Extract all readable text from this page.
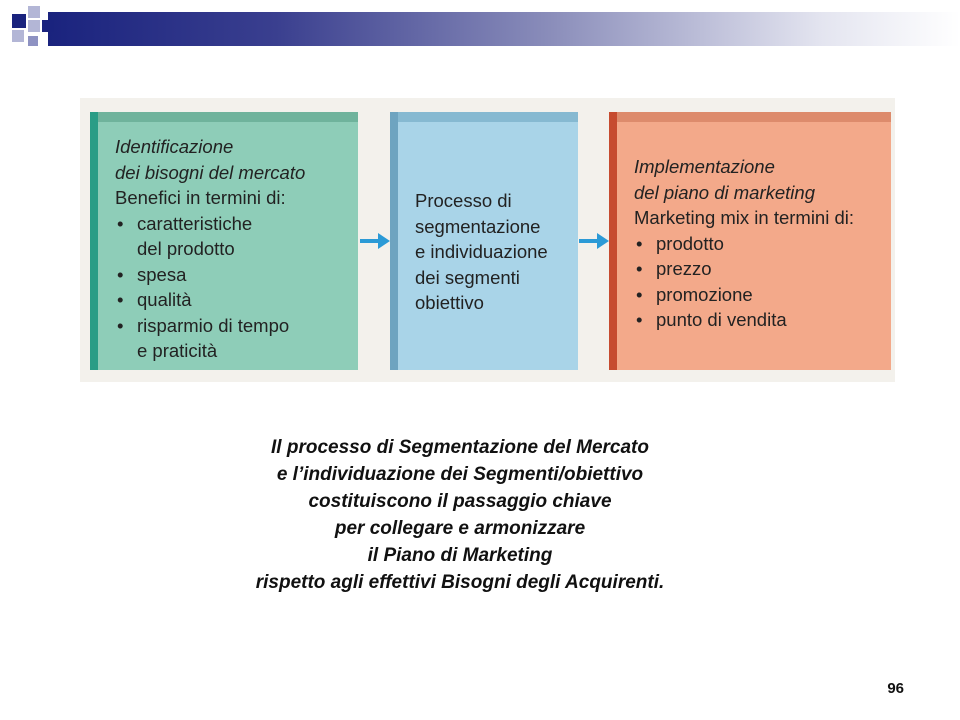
Identificazione
dei bisogni del mercato
Benefici in termini di:
• caratteristiche
del prodotto
• spesa
• qualità
• risparmio di tempo
e praticità
Processo di
segmentazione
e individuazione
dei segmenti
obiettivo
Implementazione
del piano di marketing
Marketing mix in termini di:
• prodotto
• prezzo
• promozione
• punto di vendita
Il processo di Segmentazione del Mercato
e l’individuazione dei Segmenti/obiettivo
costituiscono il passaggio chiave
per collegare e armonizzare
il Piano di Marketing
rispetto agli effettivi Bisogni degli Acquirenti.
96
